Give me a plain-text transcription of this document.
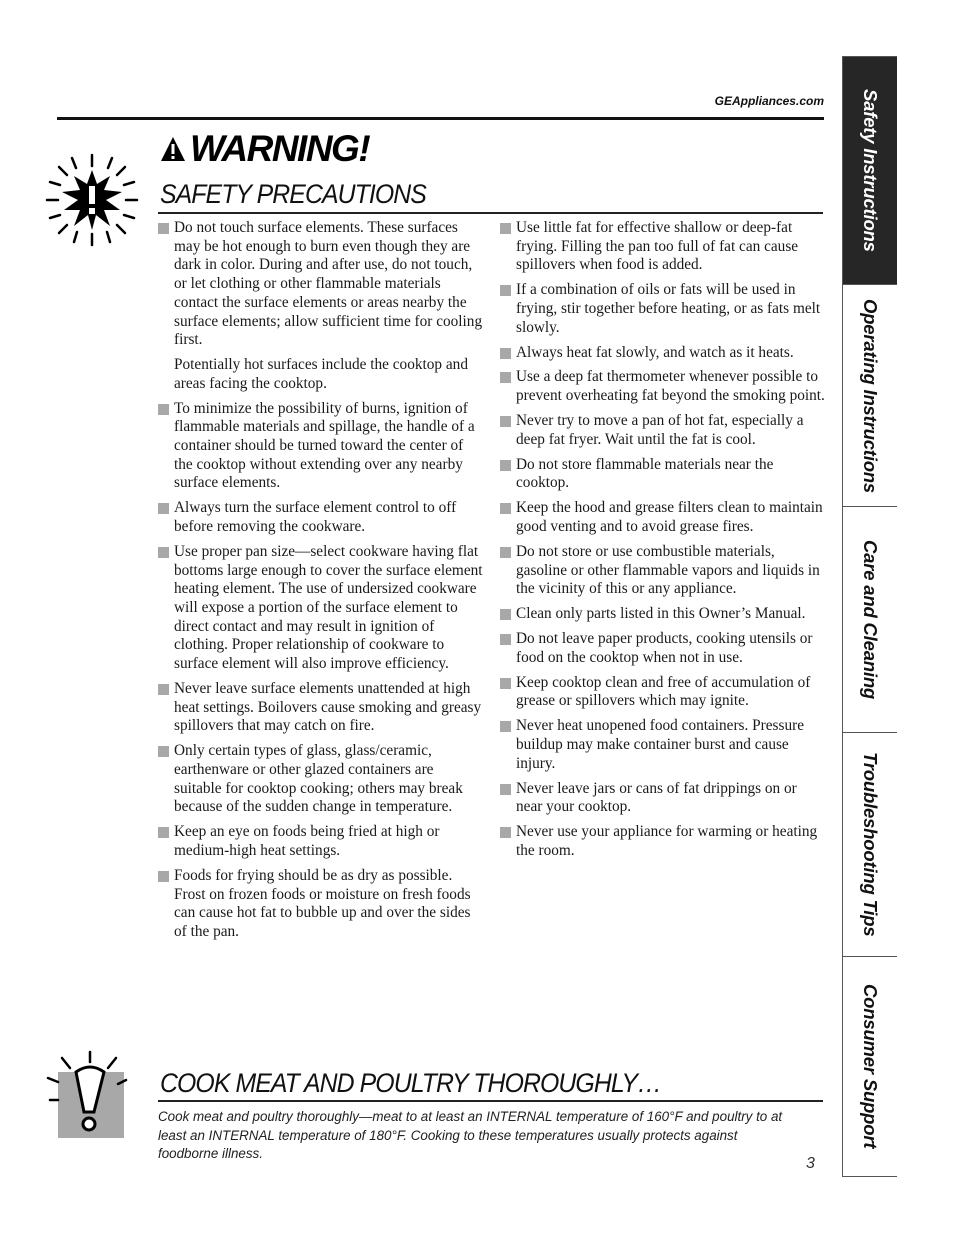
GEAppliances.com
WARNING!
SAFETY PRECAUTIONS

Do not touch surface elements. These surfaces may be hot enough to burn even though they are dark in color. During and after use, do not touch, or let clothing or other flammable materials contact the surface elements or areas nearby the surface elements; allow sufficient time for cooling first.

Potentially hot surfaces include the cooktop and areas facing the cooktop.

To minimize the possibility of burns, ignition of flammable materials and spillage, the handle of a container should be turned toward the center of the cooktop without extending over any nearby surface elements.

Always turn the surface element control to off before removing the cookware.

Use proper pan size—select cookware having flat bottoms large enough to cover the surface element heating element. The use of undersized cookware will expose a portion of the surface element to direct contact and may result in ignition of clothing. Proper relationship of cookware to surface element will also improve efficiency.

Never leave surface elements unattended at high heat settings. Boilovers cause smoking and greasy spillovers that may catch on fire.

Only certain types of glass, glass/ceramic, earthenware or other glazed containers are suitable for cooktop cooking; others may break because of the sudden change in temperature.

Keep an eye on foods being fried at high or medium-high heat settings.

Foods for frying should be as dry as possible. Frost on frozen foods or moisture on fresh foods can cause hot fat to bubble up and over the sides of the pan.

Use little fat for effective shallow or deep-fat frying. Filling the pan too full of fat can cause spillovers when food is added.

If a combination of oils or fats will be used in frying, stir together before heating, or as fats melt slowly.

Always heat fat slowly, and watch as it heats.

Use a deep fat thermometer whenever possible to prevent overheating fat beyond the smoking point.

Never try to move a pan of hot fat, especially a deep fat fryer. Wait until the fat is cool.

Do not store flammable materials near the cooktop.

Keep the hood and grease filters clean to maintain good venting and to avoid grease fires.

Do not store or use combustible materials, gasoline or other flammable vapors and liquids in the vicinity of this or any appliance.

Clean only parts listed in this Owner’s Manual.

Do not leave paper products, cooking utensils or food on the cooktop when not in use.

Keep cooktop clean and free of accumulation of grease or spillovers which may ignite.

Never heat unopened food containers. Pressure buildup may make container burst and cause injury.

Never leave jars or cans of fat drippings on or near your cooktop.

Never use your appliance for warming or heating the room.

COOK MEAT AND POULTRY THOROUGHLY…
Cook meat and poultry thoroughly—meat to at least an INTERNAL temperature of 160°F and poultry to at least an INTERNAL temperature of 180°F. Cooking to these temperatures usually protects against foodborne illness.
3
Safety Instructions
Operating Instructions
Care and Cleaning
Troubleshooting Tips
Consumer Support
